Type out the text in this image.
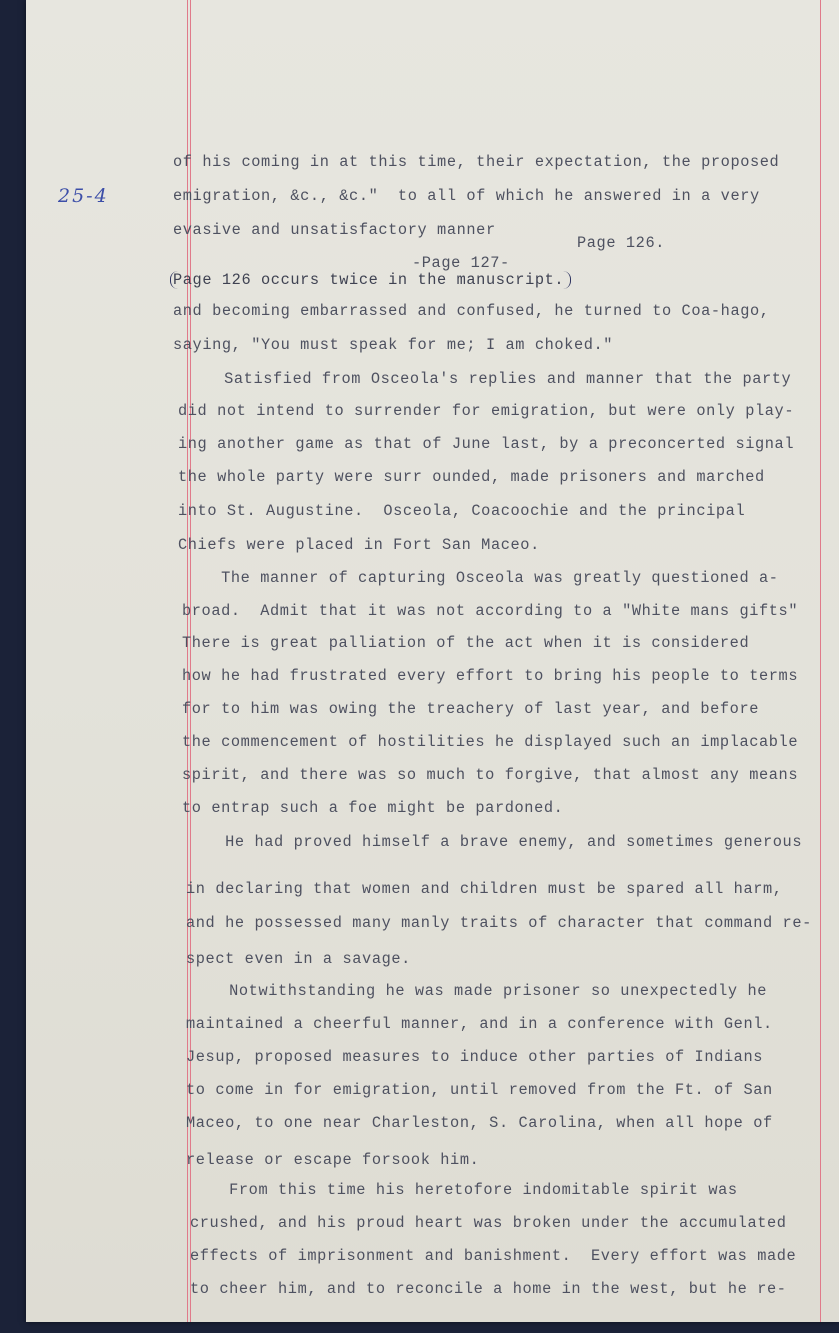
25-4
Page 126.
-Page 127-
Page 126 occurs twice in the manuscript.
of his coming in at this time, their expectation, the proposed
emigration, &c., &c."  to all of which he answered in a very
evasive and unsatisfactory manner
and becoming embarrassed and confused, he turned to Coa-hago,
saying, "You must speak for me; I am choked."
Satisfied from Osceola's replies and manner that the party
did not intend to surrender for emigration, but were only play-
ing another game as that of June last, by a preconcerted signal
the whole party were surr ounded, made prisoners and marched
into St. Augustine.  Osceola, Coacoochie and the principal
Chiefs were placed in Fort San Maceo.
The manner of capturing Osceola was greatly questioned a-
broad.  Admit that it was not according to a "White mans gifts"
There is great palliation of the act when it is considered
how he had frustrated every effort to bring his people to terms
for to him was owing the treachery of last year, and before
the commencement of hostilities he displayed such an implacable
spirit, and there was so much to forgive, that almost any means
to entrap such a foe might be pardoned.
He had proved himself a brave enemy, and sometimes generous
in declaring that women and children must be spared all harm,
and he possessed many manly traits of character that command re-
spect even in a savage.
Notwithstanding he was made prisoner so unexpectedly he
maintained a cheerful manner, and in a conference with Genl.
Jesup, proposed measures to induce other parties of Indians
to come in for emigration, until removed from the Ft. of San
Maceo, to one near Charleston, S. Carolina, when all hope of
release or escape forsook him.
From this time his heretofore indomitable spirit was
crushed, and his proud heart was broken under the accumulated
effects of imprisonment and banishment.  Every effort was made
to cheer him, and to reconcile a home in the west, but he re-
